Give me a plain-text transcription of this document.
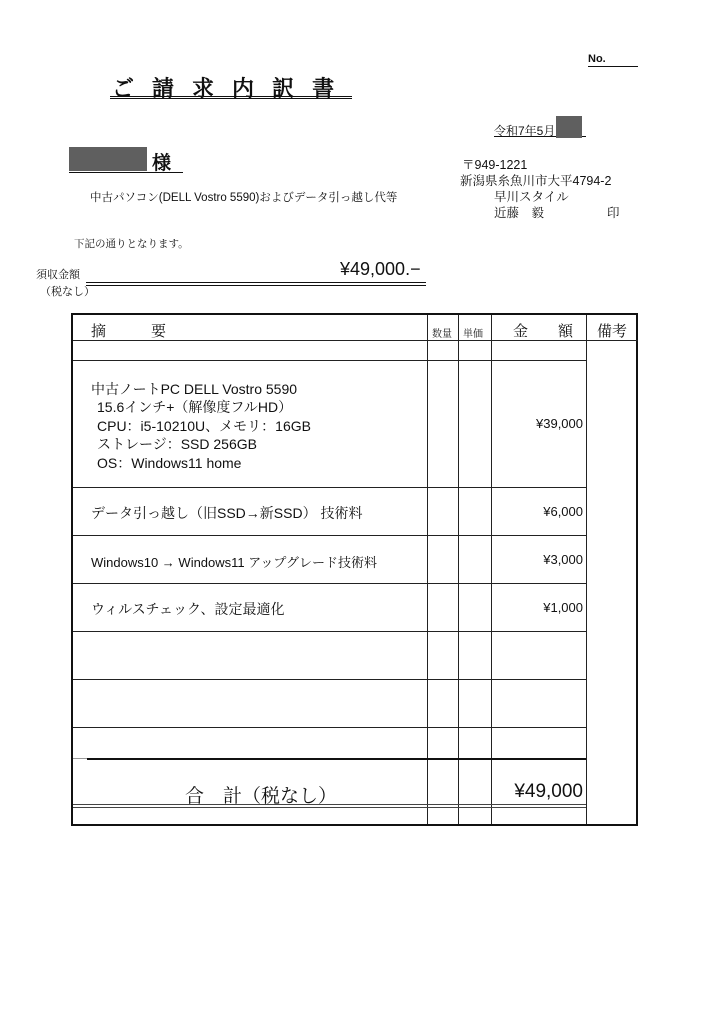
No.
ご 請 求 内 訳 書
令和7年5月
様
中古パソコン(DELL Vostro 5590)およびデータ引っ越し代等
〒949-1221
新潟県糸魚川市大平4794-2
早川スタイル
近藤　毅	印
下記の通りとなります。
須収金額
（税なし）
¥49,000.−
摘　　　要	数量 単価 金　　額 備考
中古ノートPC DELL Vostro 5590
15.6インチ+（解像度フルHD）
CPU：i5-10210U、メモリ：16GB
ストレージ：SSD 256GB
OS：Windows11 home
¥39,000
データ引っ越し（旧SSD→新SSD） 技術料	¥6,000
Windows10 → Windows11 アップグレード技術料	¥3,000
ウィルスチェック、設定最適化	¥1,000
合　計（税なし）	¥49,000
